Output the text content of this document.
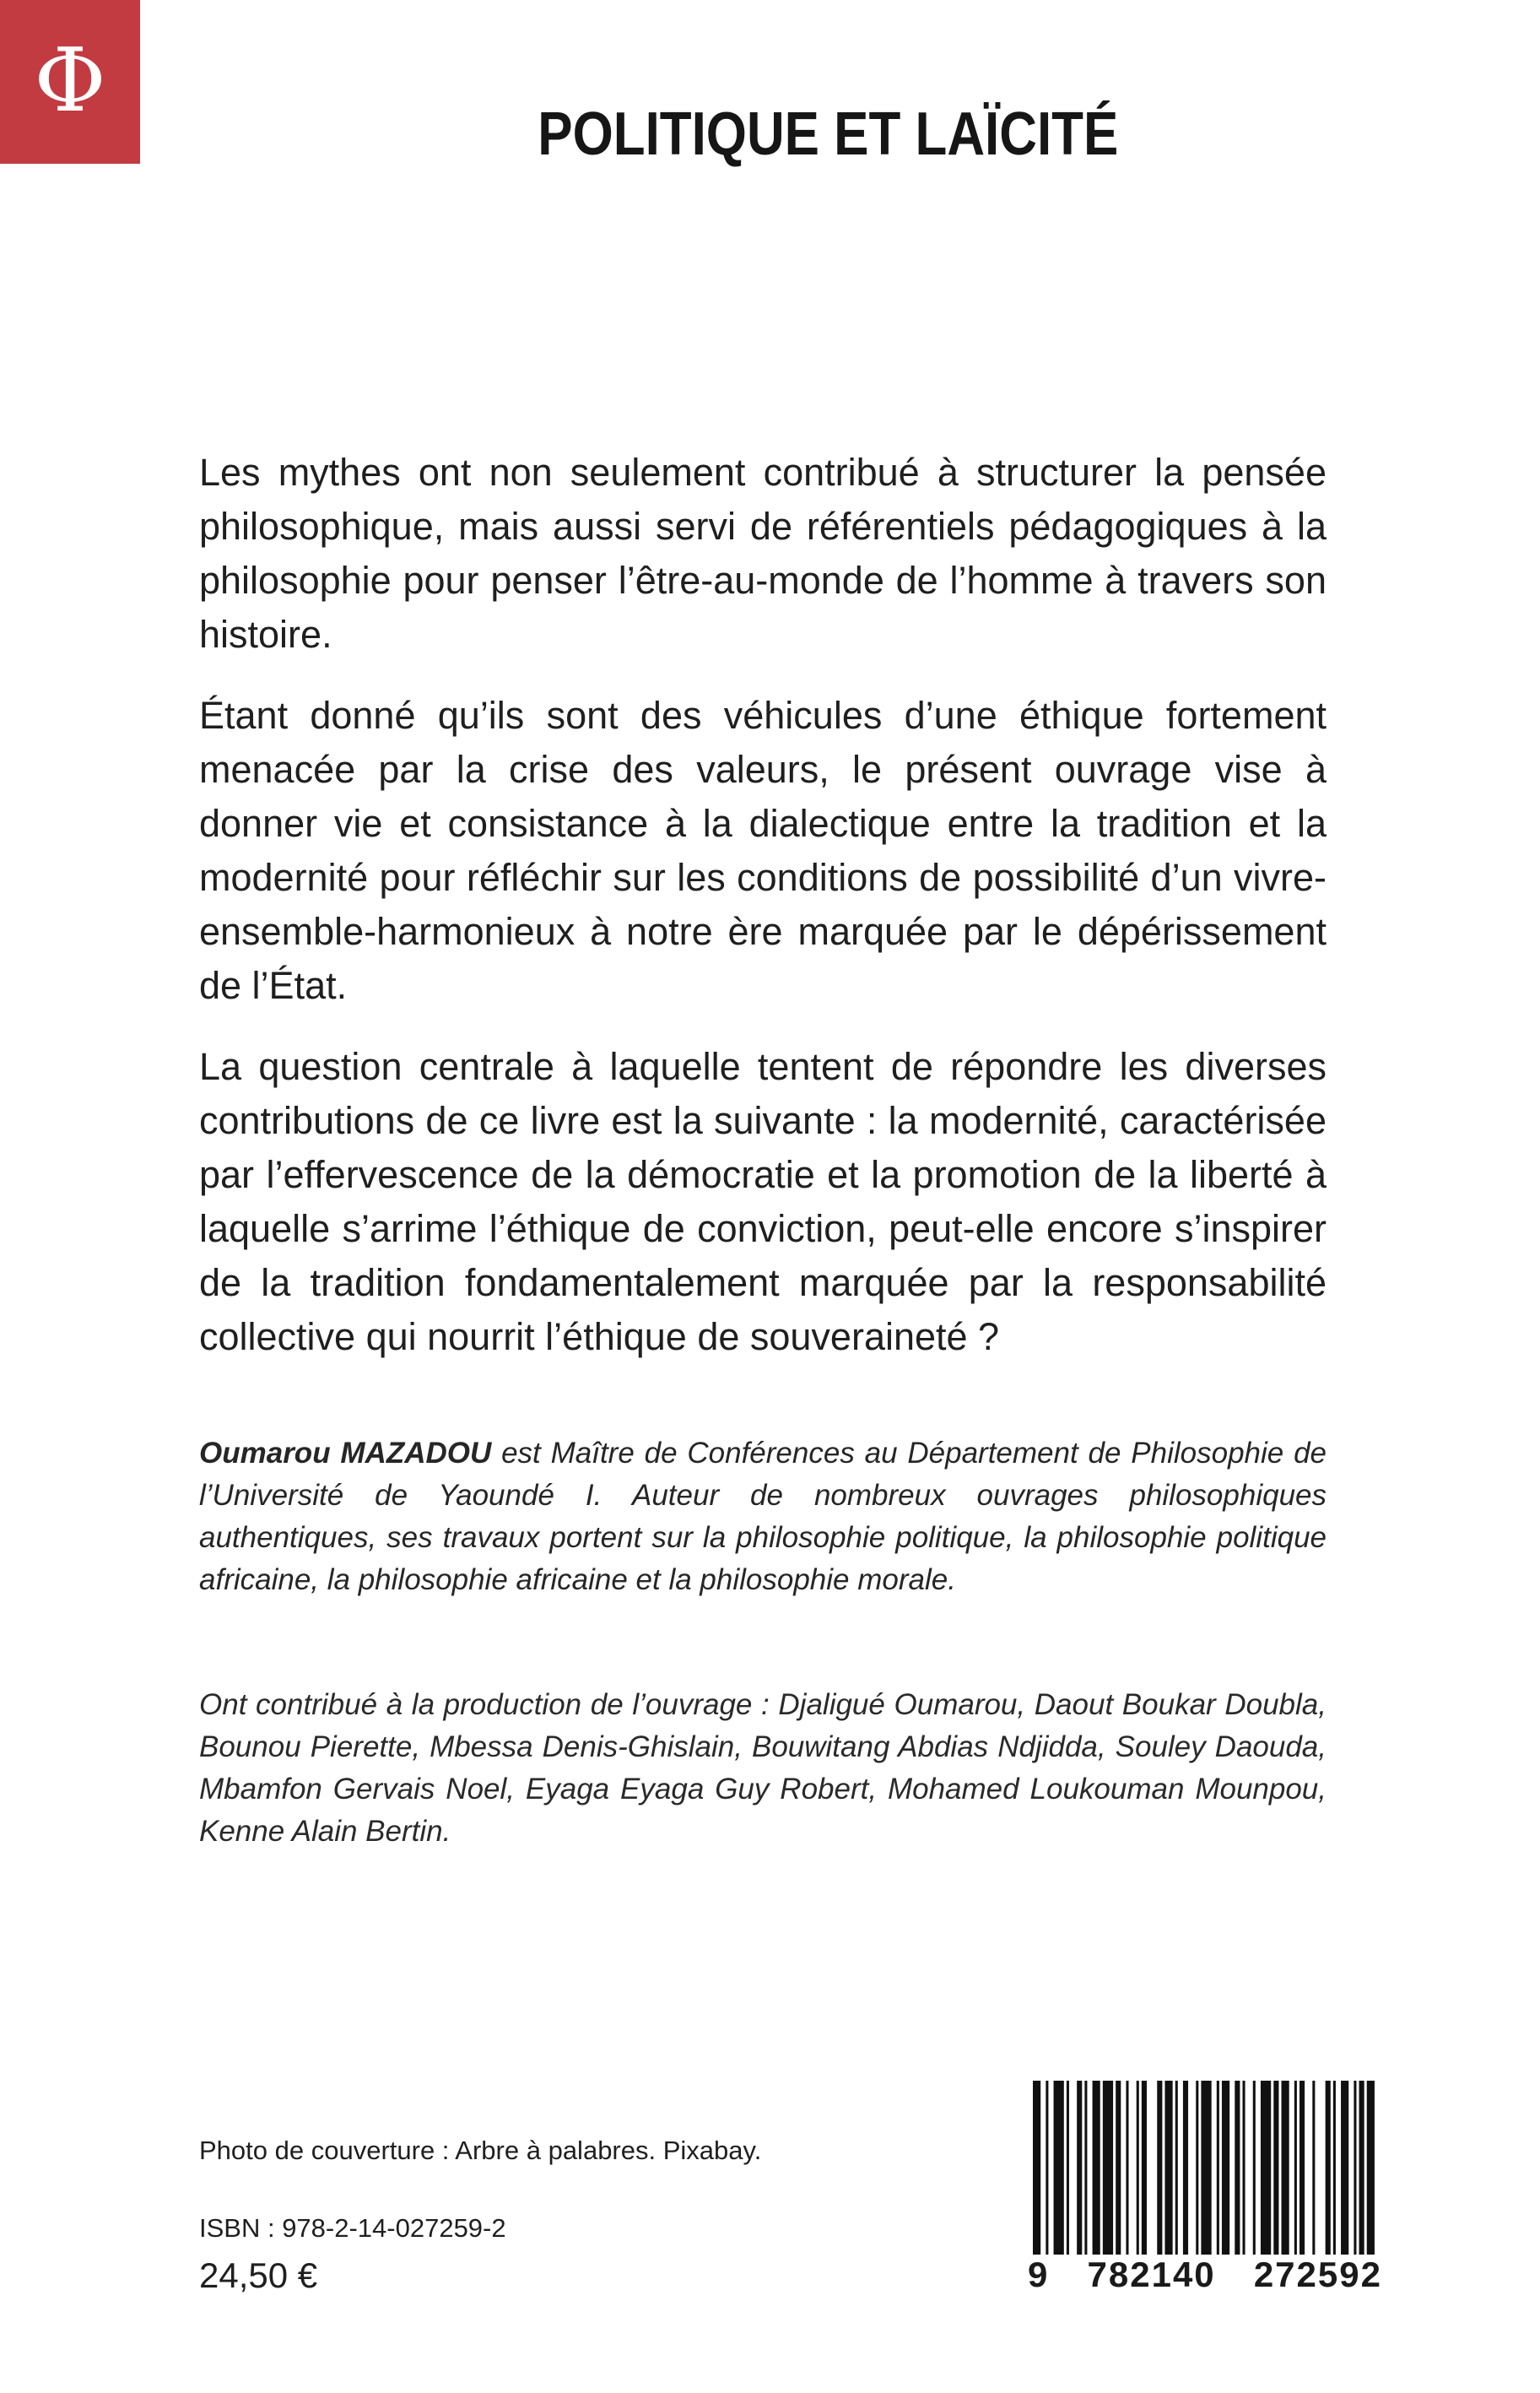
Φ
POLITIQUE ET LAÏCITÉ

Les mythes ont non seulement contribué à structurer la pensée philosophique, mais aussi servi de référentiels pédagogiques à la philosophie pour penser l’être-au-monde de l’homme à travers son histoire.

Étant donné qu’ils sont des véhicules d’une éthique fortement menacée par la crise des valeurs, le présent ouvrage vise à donner vie et consistance à la dialectique entre la tradition et la modernité pour réfléchir sur les conditions de possibilité d’un vivre-ensemble-harmonieux à notre ère marquée par le dépérissement de l’État.

La question centrale à laquelle tentent de répondre les diverses contributions de ce livre est la suivante : la modernité, caractérisée par l’effervescence de la démocratie et la promotion de la liberté à laquelle s’arrime l’éthique de conviction, peut-elle encore s’inspirer de la tradition fondamentalement marquée par la responsabilité collective qui nourrit l’éthique de souveraineté ?

Oumarou MAZADOU est Maître de Conférences au Département de Philosophie de l’Université de Yaoundé I. Auteur de nombreux ouvrages philosophiques authentiques, ses travaux portent sur la philosophie politique, la philosophie politique africaine, la philosophie africaine et la philosophie morale.

Ont contribué à la production de l’ouvrage : Djaligué Oumarou, Daout Boukar Doubla, Bounou Pierette, Mbessa Denis-Ghislain, Bouwitang Abdias Ndjidda, Souley Daouda, Mbamfon Gervais Noel, Eyaga Eyaga Guy Robert, Mohamed Loukouman Mounpou, Kenne Alain Bertin.

Photo de couverture : Arbre à palabres. Pixabay.
ISBN : 978-2-14-027259-2
24,50 €	9 782140 272592
